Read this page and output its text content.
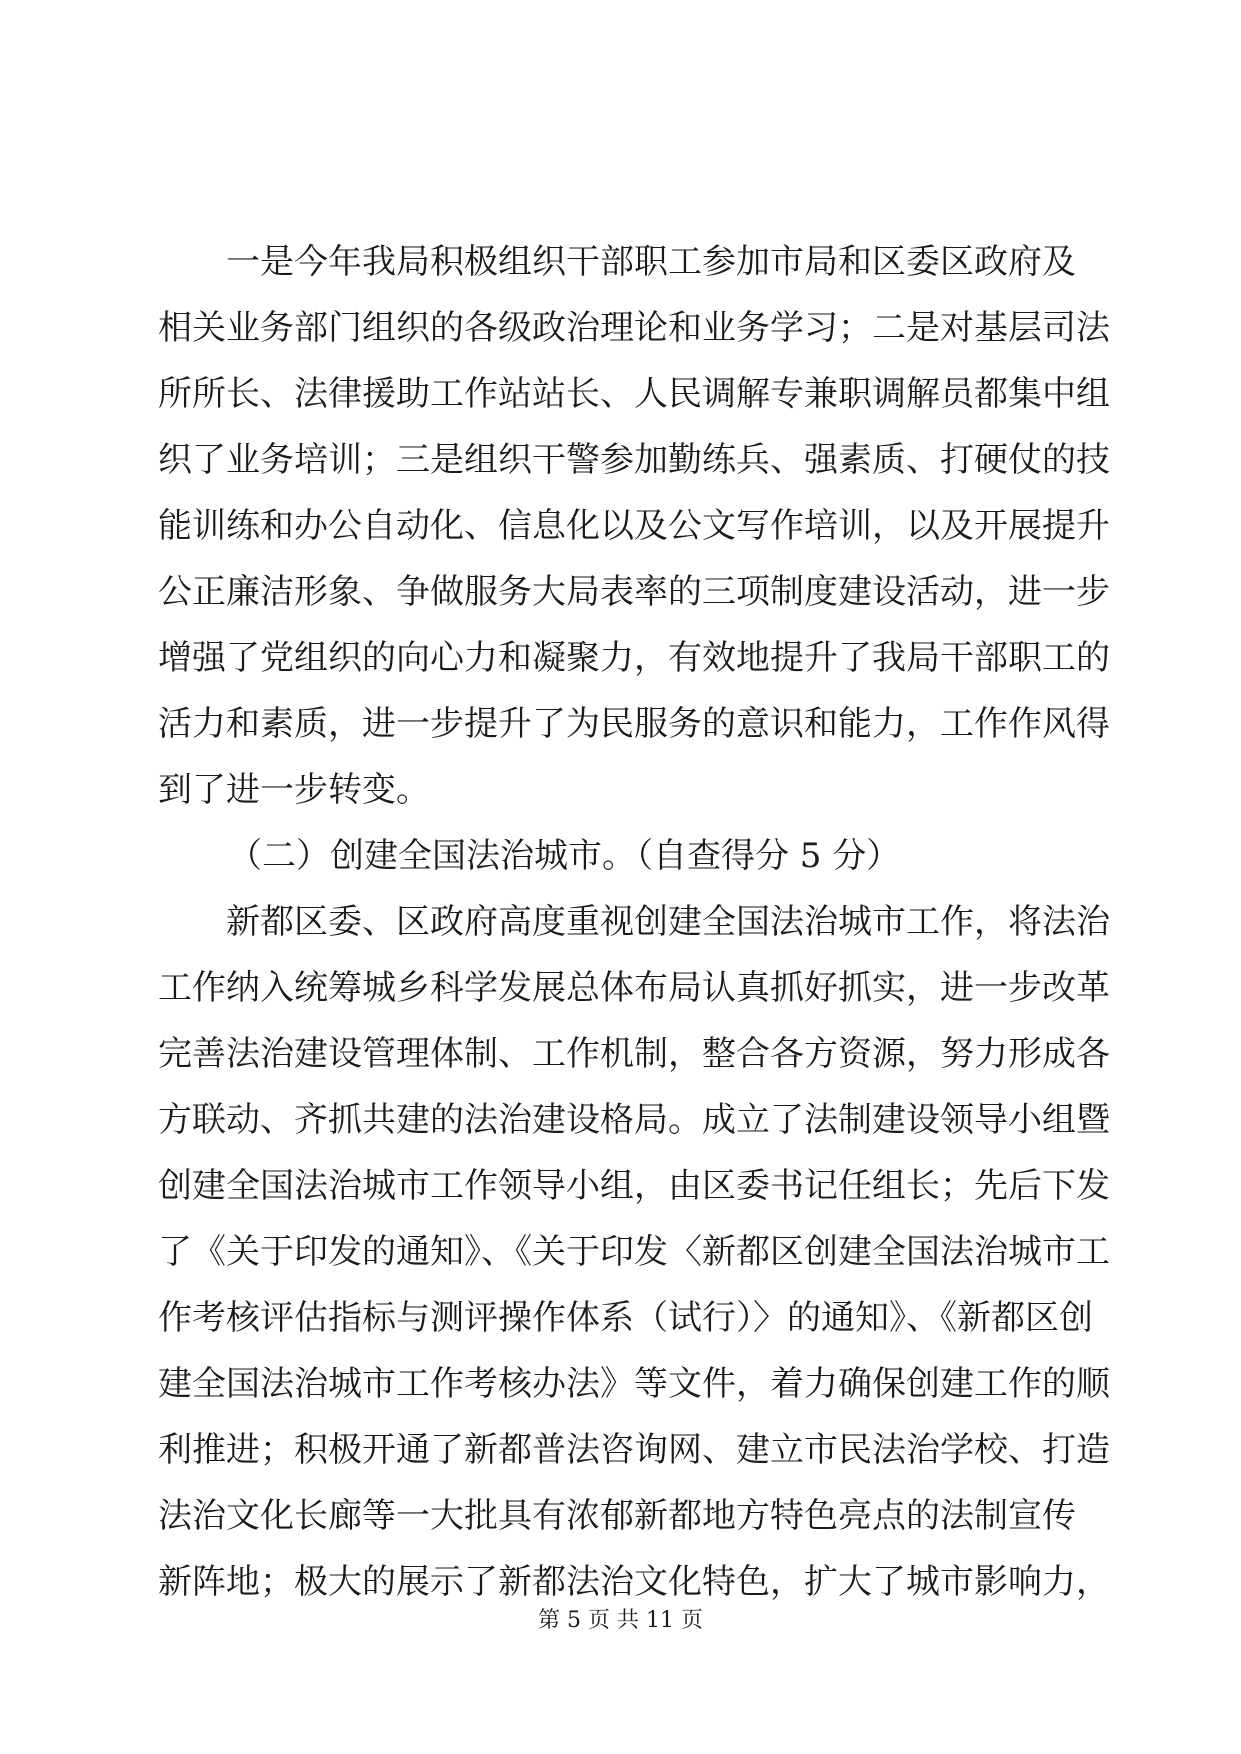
一是今年我局积极组织干部职工参加市局和区委区政府及
相关业务部门组织的各级政治理论和业务学习；二是对基层司法
所所长、法律援助工作站站长、人民调解专兼职调解员都集中组
织了业务培训；三是组织干警参加勤练兵、强素质、打硬仗的技
能训练和办公自动化、信息化以及公文写作培训，以及开展提升
公正廉洁形象、争做服务大局表率的三项制度建设活动，进一步
增强了党组织的向心力和凝聚力，有效地提升了我局干部职工的
活力和素质，进一步提升了为民服务的意识和能力，工作作风得
到了进一步转变。
（二）创建全国法治城市。（自查得分 5 分）
新都区委、区政府高度重视创建全国法治城市工作，将法治
工作纳入统筹城乡科学发展总体布局认真抓好抓实，进一步改革
完善法治建设管理体制、工作机制，整合各方资源，努力形成各
方联动、齐抓共建的法治建设格局。成立了法制建设领导小组暨
创建全国法治城市工作领导小组，由区委书记任组长；先后下发
了《关于印发的通知》、《关于印发〈新都区创建全国法治城市工
作考核评估指标与测评操作体系（试行）〉的通知》、《新都区创
建全国法治城市工作考核办法》等文件，着力确保创建工作的顺
利推进；积极开通了新都普法咨询网、建立市民法治学校、打造
法治文化长廊等一大批具有浓郁新都地方特色亮点的法制宣传
新阵地；极大的展示了新都法治文化特色，扩大了城市影响力，
第 5 页 共 11 页
